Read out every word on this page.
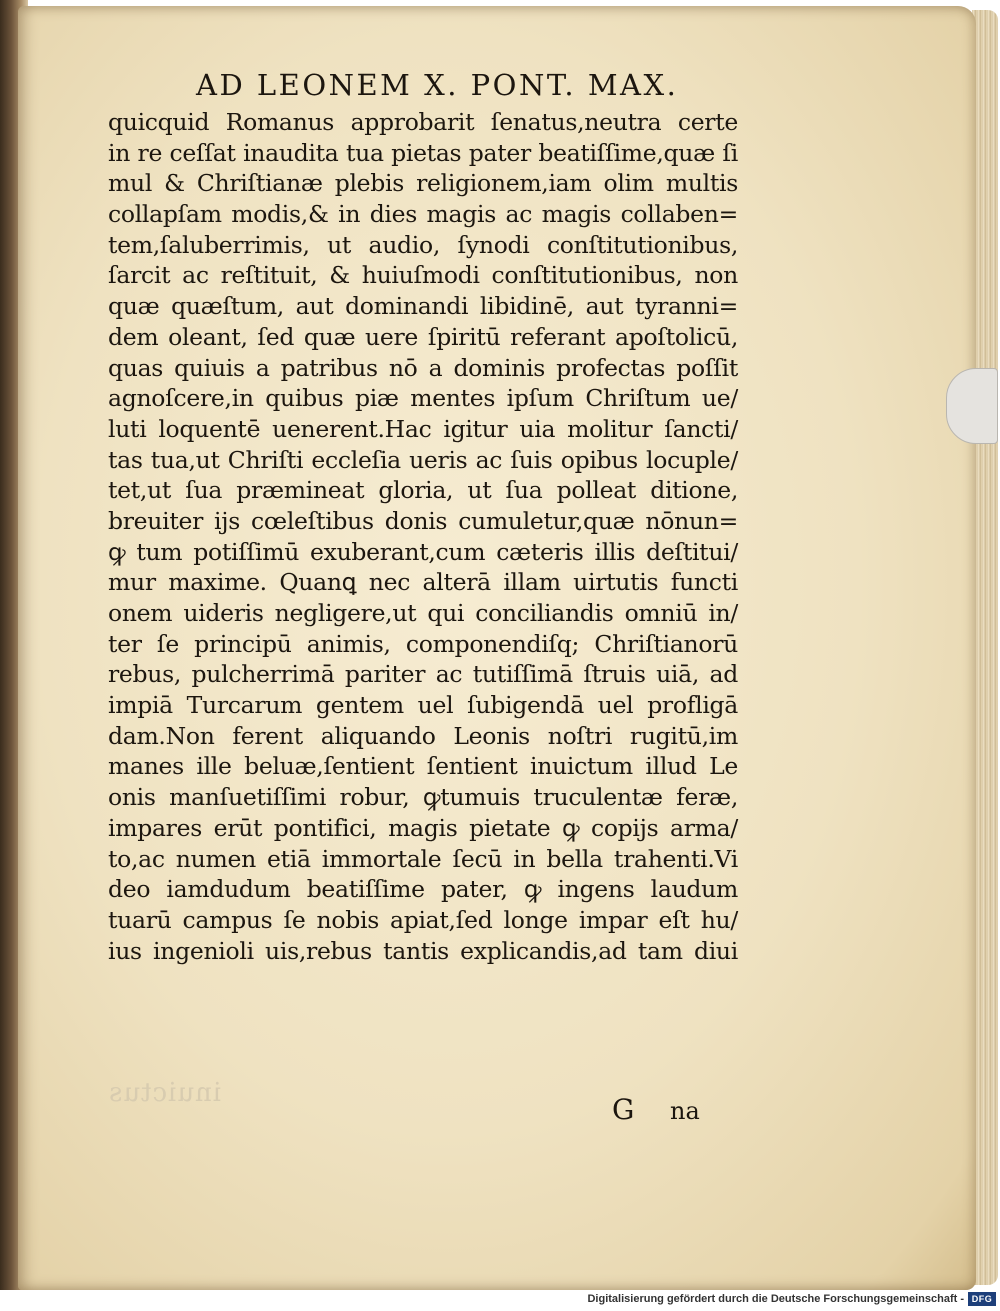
inuictus
AD LEONEM X. PONT. MAX.
quicquid Romanus approbarit ſenatus,neutra certe
in re ceſſat inaudita tua pietas pater beatiſſime,quæ ſi
mul & Chriſtianæ plebis religionem,iam olim multis
collapſam modis,& in dies magis ac magis collaben=
tem,ſaluberrimis, ut audio, ſynodi conſtitutionibus,
ſarcit ac reſtituit, & huiuſmodi conſtitutionibus, non
quæ quæſtum, aut dominandi libidinē, aut tyranni=
dem oleant, ſed quæ uere ſpiritū referant apoſtolicū,
quas quiuis a patribus nō a dominis profectas poſſit
agnoſcere,in quibus piæ mentes ipſum Chriſtum ue/
luti loquentē uenerent.Hac igitur uia molitur ſancti/
tas tua,ut Chriſti eccleſia ueris ac ſuis opibus locuple/
tet,ut ſua præmineat gloria, ut ſua polleat ditione,
breuiter ijs cœleſtibus donis cumuletur,quæ nōnun=
ꝙ tum potiſſimū exuberant,cum cæteris illis deſtitui/
mur maxime. Quanꝗ nec alterā illam uirtutis functi
onem uideris negligere,ut qui conciliandis omniū in/
ter ſe principū animis, componendiſq; Chriſtianorū
rebus, pulcherrimā pariter ac tutiſſimā ſtruis uiā, ad
impiā Turcarum gentem uel ſubigendā uel profligā
dam.Non ferent aliquando Leonis noſtri rugitū,im
manes ille beluæ,ſentient ſentient inuictum illud Le
onis manſuetiſſimi robur, ꝙtumuis truculentæ feræ,
impares erūt pontifici, magis pietate ꝙ copijs arma/
to,ac numen etiā immortale ſecū in bella trahenti.Vi
deo iamdudum beatiſſime pater, ꝙ ingens laudum
tuarū campus ſe nobis apiat,ſed longe impar eſt hu/
ius ingenioli uis,rebus tantis explicandis,ad tam diui
G na
Digitalisierung gefördert durch die Deutsche Forschungsgemeinschaft - DFG
